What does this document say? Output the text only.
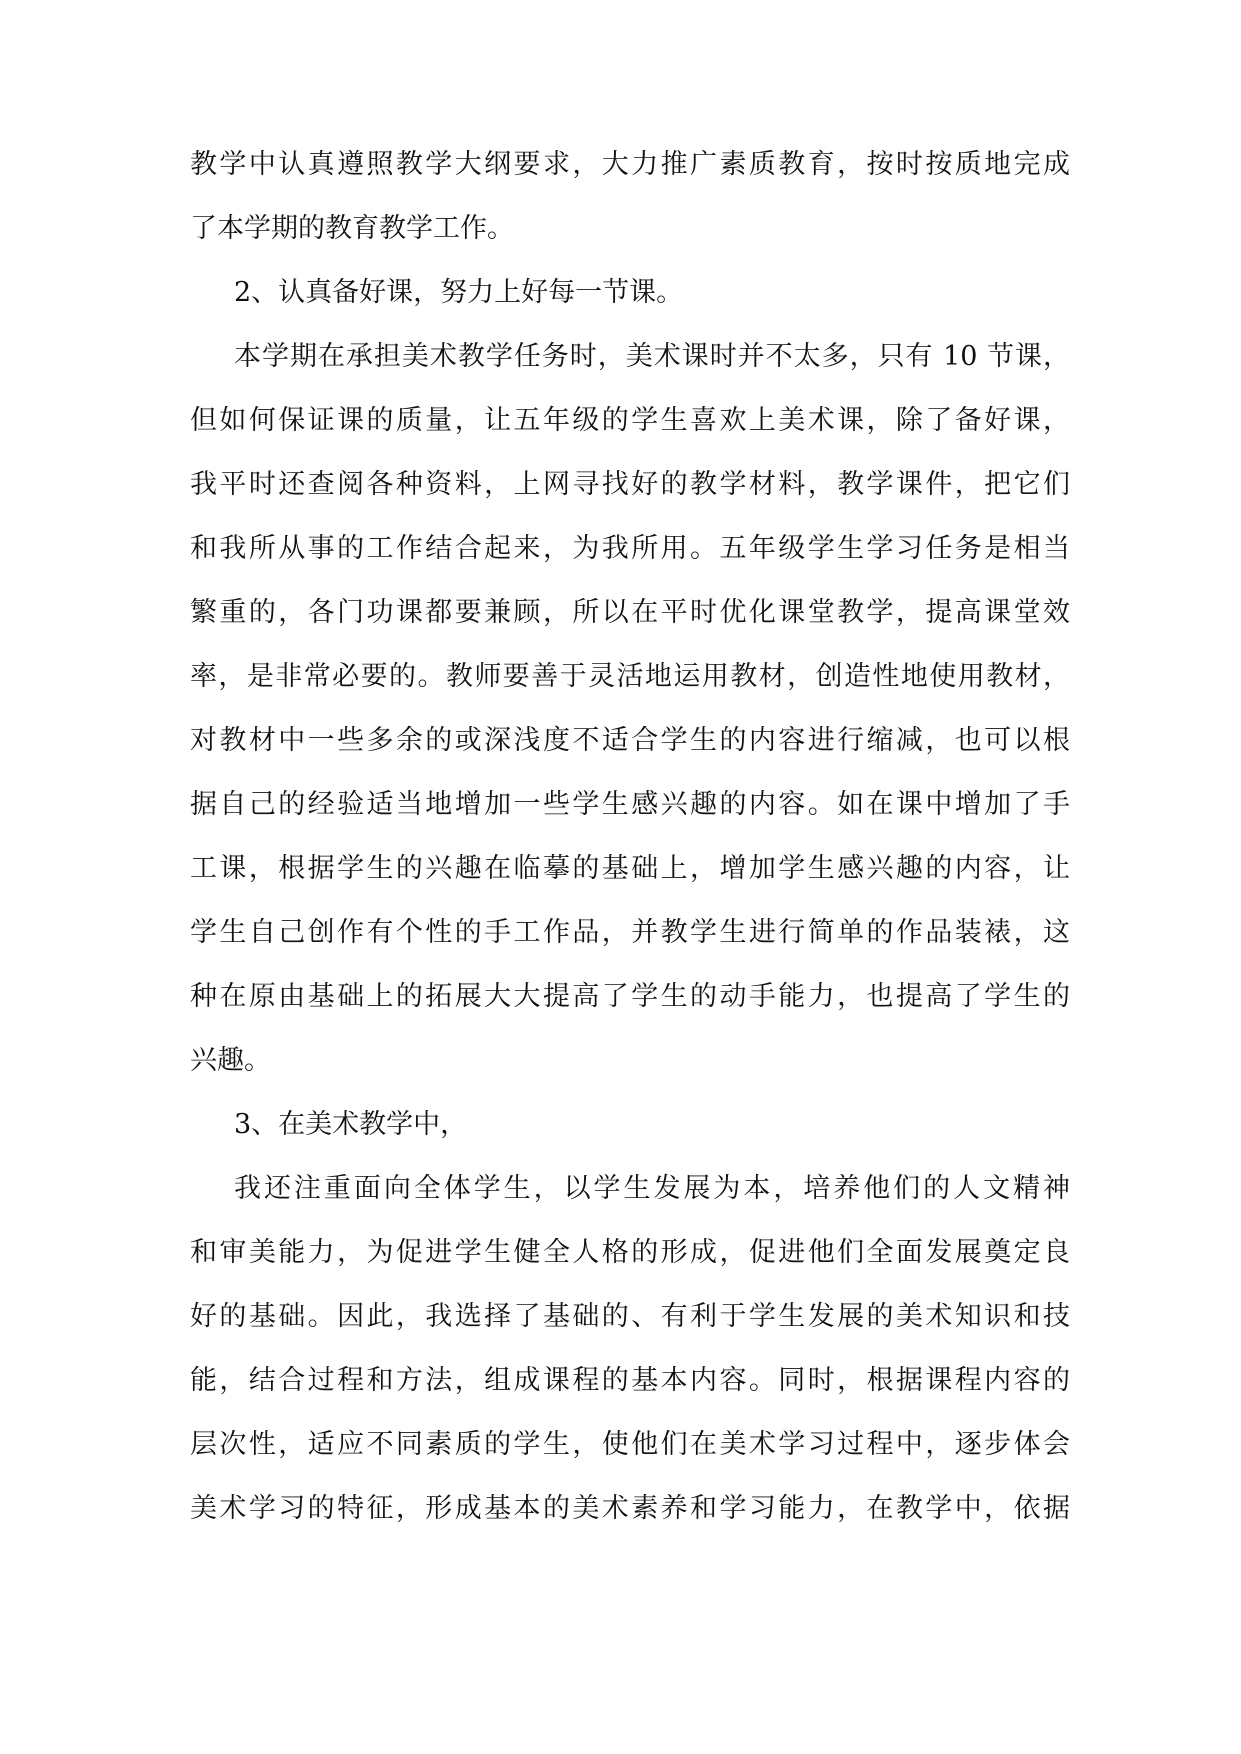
教学中认真遵照教学大纲要求，大力推广素质教育，按时按质地完成
了本学期的教育教学工作。
2、认真备好课，努力上好每一节课。
本学期在承担美术教学任务时，美术课时并不太多，只有 10 节课，
但如何保证课的质量，让五年级的学生喜欢上美术课，除了备好课，
我平时还查阅各种资料，上网寻找好的教学材料，教学课件，把它们
和我所从事的工作结合起来，为我所用。五年级学生学习任务是相当
繁重的，各门功课都要兼顾，所以在平时优化课堂教学，提高课堂效
率，是非常必要的。教师要善于灵活地运用教材，创造性地使用教材，
对教材中一些多余的或深浅度不适合学生的内容进行缩减，也可以根
据自己的经验适当地增加一些学生感兴趣的内容。如在课中增加了手
工课，根据学生的兴趣在临摹的基础上，增加学生感兴趣的内容，让
学生自己创作有个性的手工作品，并教学生进行简单的作品装裱，这
种在原由基础上的拓展大大提高了学生的动手能力，也提高了学生的
兴趣。
3、在美术教学中，
我还注重面向全体学生，以学生发展为本，培养他们的人文精神
和审美能力，为促进学生健全人格的形成，促进他们全面发展奠定良
好的基础。因此，我选择了基础的、有利于学生发展的美术知识和技
能，结合过程和方法，组成课程的基本内容。同时，根据课程内容的
层次性，适应不同素质的学生，使他们在美术学习过程中，逐步体会
美术学习的特征，形成基本的美术素养和学习能力，在教学中，依据
